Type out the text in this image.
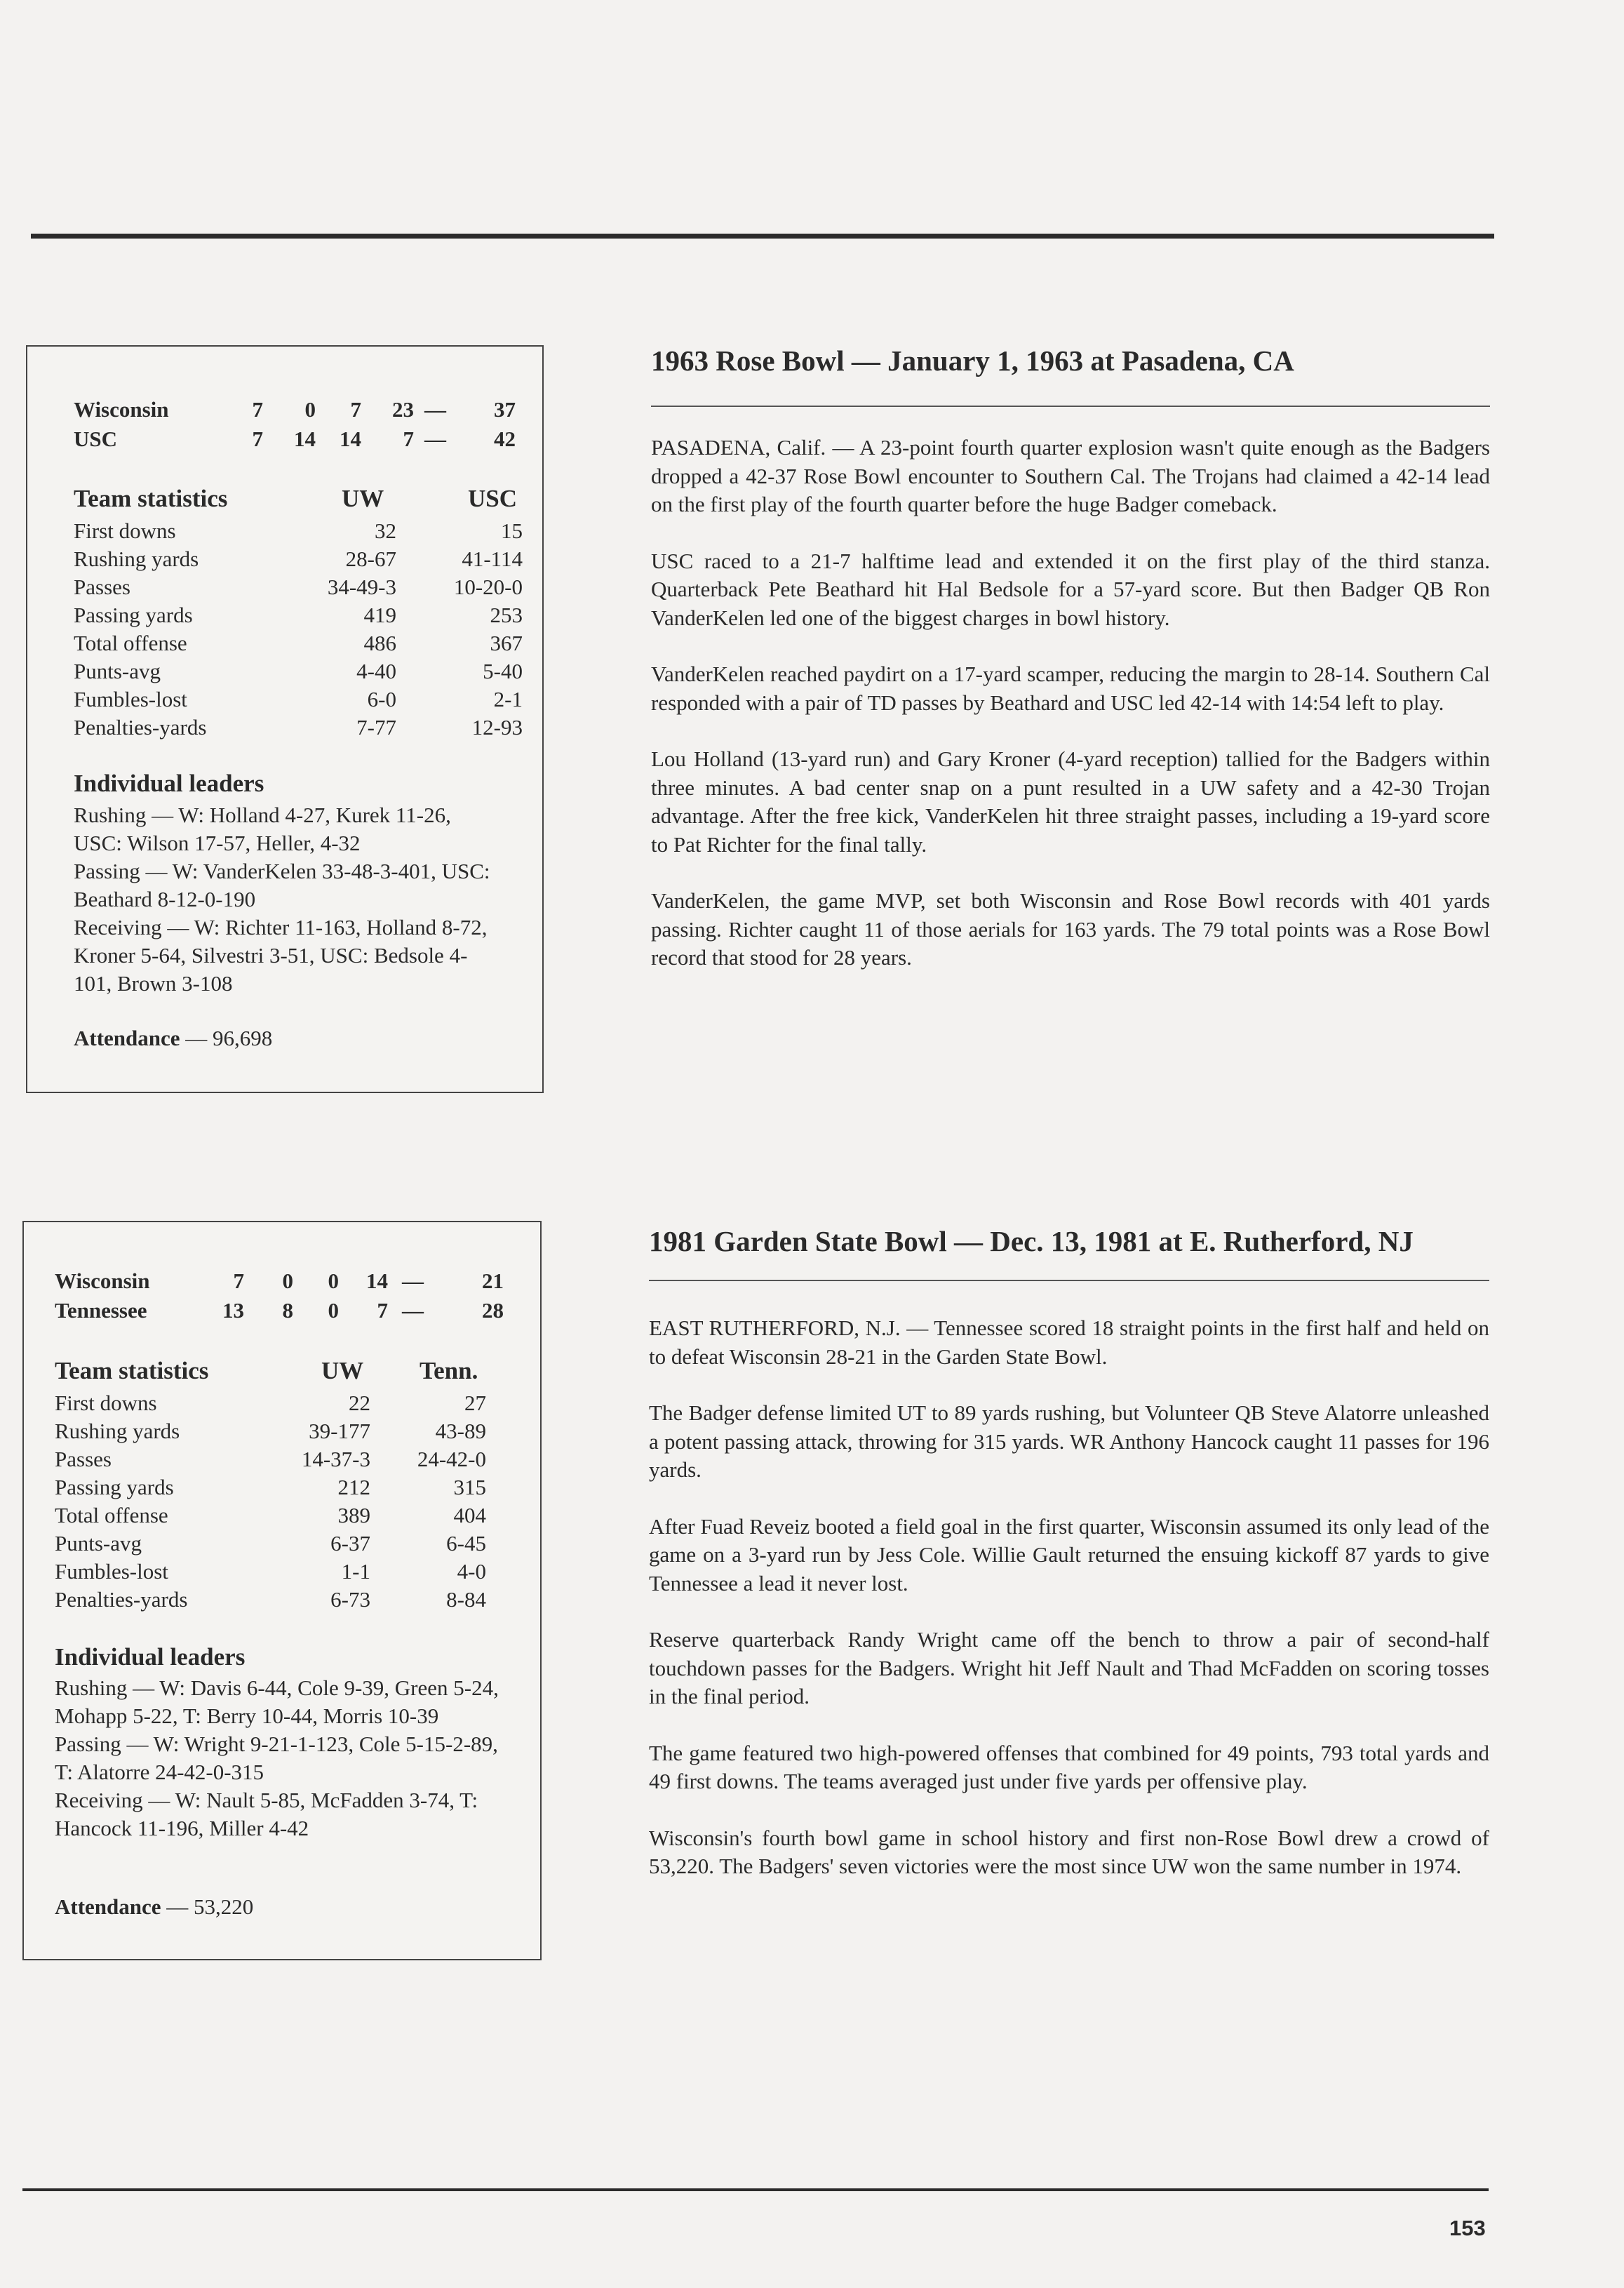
Wisconsin	7	0	7	23 —	37
USC	7	14	14	7 —	42
Team statistics	UW	USC
First downs	32	15
Rushing yards	28-67	41-114
Passes	34-49-3	10-20-0
Passing yards	419	253
Total offense	486	367
Punts-avg	4-40	5-40
Fumbles-lost	6-0	2-1
Penalties-yards	7-77	12-93
Individual leaders

Rushing — W: Holland 4-27, Kurek 11-26, USC: Wilson 17-57, Heller, 4-32

Passing — W: VanderKelen 33-48-3-401, USC: Beathard 8-12-0-190

Receiving — W: Richter 11-163, Holland 8-72, Kroner 5-64, Silvestri 3-51, USC: Bedsole 4-101, Brown 3-108

Attendance — 96,698
1963 Rose Bowl — January 1, 1963 at Pasadena, CA

PASADENA, Calif. — A 23-point fourth quarter explosion wasn't quite enough as the Badgers dropped a 42-37 Rose Bowl encounter to Southern Cal. The Trojans had claimed a 42-14 lead on the first play of the fourth quarter before the huge Badger comeback.

USC raced to a 21-7 halftime lead and extended it on the first play of the third stanza. Quarterback Pete Beathard hit Hal Bedsole for a 57-yard score. But then Badger QB Ron VanderKelen led one of the biggest charges in bowl history.

VanderKelen reached paydirt on a 17-yard scamper, reducing the margin to 28-14. Southern Cal responded with a pair of TD passes by Beathard and USC led 42-14 with 14:54 left to play.

Lou Holland (13-yard run) and Gary Kroner (4-yard reception) tallied for the Badgers within three minutes. A bad center snap on a punt resulted in a UW safety and a 42-30 Trojan advantage. After the free kick, VanderKelen hit three straight passes, including a 19-yard score to Pat Richter for the final tally.

VanderKelen, the game MVP, set both Wisconsin and Rose Bowl records with 401 yards passing. Richter caught 11 of those aerials for 163 yards. The 79 total points was a Rose Bowl record that stood for 28 years.

Wisconsin	7	0	0	14 —	21
Tennessee	13	8	0	7 —	28
Team statistics	UW Tenn.
First downs	22	27
Rushing yards	39-177	43-89
Passes	14-37-3	24-42-0
Passing yards	212	315
Total offense	389	404
Punts-avg	6-37	6-45
Fumbles-lost	1-1	4-0
Penalties-yards	6-73	8-84
Individual leaders

Rushing — W: Davis 6-44, Cole 9-39, Green 5-24, Mohapp 5-22, T: Berry 10-44, Morris 10-39

Passing — W: Wright 9-21-1-123, Cole 5-15-2-89, T: Alatorre 24-42-0-315

Receiving — W: Nault 5-85, McFadden 3-74, T: Hancock 11-196, Miller 4-42

Attendance — 53,220
1981 Garden State Bowl — Dec. 13, 1981 at E. Rutherford, NJ

EAST RUTHERFORD, N.J. — Tennessee scored 18 straight points in the first half and held on to defeat Wisconsin 28-21 in the Garden State Bowl.

The Badger defense limited UT to 89 yards rushing, but Volunteer QB Steve Alatorre unleashed a potent passing attack, throwing for 315 yards. WR Anthony Hancock caught 11 passes for 196 yards.

After Fuad Reveiz booted a field goal in the first quarter, Wisconsin assumed its only lead of the game on a 3-yard run by Jess Cole. Willie Gault returned the ensuing kickoff 87 yards to give Tennessee a lead it never lost.

Reserve quarterback Randy Wright came off the bench to throw a pair of second-half touchdown passes for the Badgers. Wright hit Jeff Nault and Thad McFadden on scoring tosses in the final period.

The game featured two high-powered offenses that combined for 49 points, 793 total yards and 49 first downs. The teams averaged just under five yards per offensive play.

Wisconsin's fourth bowl game in school history and first non-Rose Bowl drew a crowd of 53,220. The Badgers' seven victories were the most since UW won the same number in 1974.

153
